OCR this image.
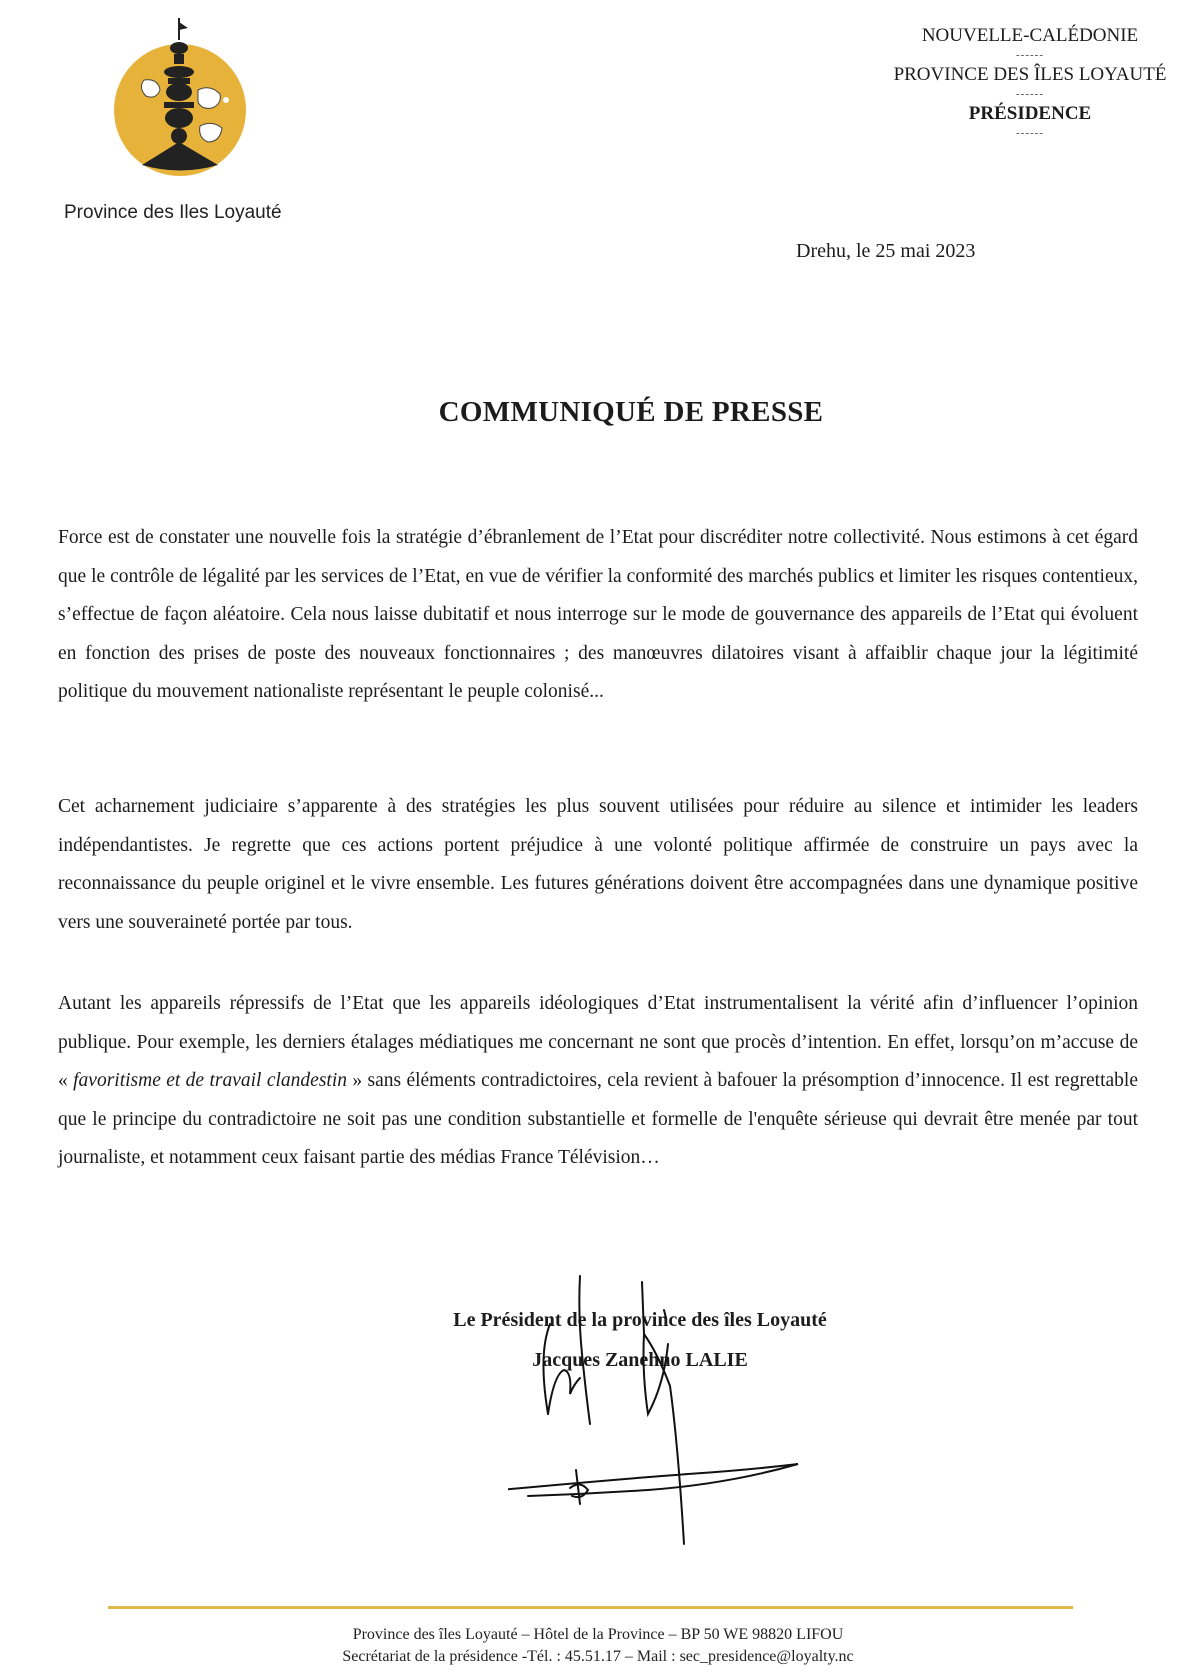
Province des Iles Loyauté
NOUVELLE-CALÉDONIE
------
PROVINCE DES ÎLES LOYAUTÉ
------
PRÉSIDENCE
------
Drehu, le 25 mai 2023
COMMUNIQUÉ DE PRESSE
Force est de constater une nouvelle fois la stratégie d’ébranlement de l’Etat pour discréditer notre collectivité. Nous estimons à cet égard que le contrôle de légalité par les services de l’Etat, en vue de vérifier la conformité des marchés publics et limiter les risques contentieux, s’effectue de façon aléatoire. Cela nous laisse dubitatif et nous interroge sur le mode de gouvernance des appareils de l’Etat qui évoluent en fonction des prises de poste des nouveaux fonctionnaires ; des manœuvres dilatoires visant à affaiblir chaque jour la légitimité politique du mouvement nationaliste représentant le peuple colonisé...
Cet acharnement judiciaire s’apparente à des stratégies les plus souvent utilisées pour réduire au silence et intimider les leaders indépendantistes. Je regrette que ces actions portent préjudice à une volonté politique affirmée de construire un pays avec la reconnaissance du peuple originel et le vivre ensemble. Les futures générations doivent être accompagnées dans une dynamique positive vers une souveraineté portée par tous.
Autant les appareils répressifs de l’Etat que les appareils idéologiques d’Etat instrumentalisent la vérité afin d’influencer l’opinion publique. Pour exemple, les derniers étalages médiatiques me concernant ne sont que procès d’intention. En effet, lorsqu’on m’accuse de « favoritisme et de travail clandestin » sans éléments contradictoires, cela revient à bafouer la présomption d’innocence. Il est regrettable que le principe du contradictoire ne soit pas une condition substantielle et formelle de l'enquête sérieuse qui devrait être menée par tout journaliste, et notamment ceux faisant partie des médias France Télévision…
Le Président de la province des îles Loyauté
Jacques Zanehno LALIE
Province des îles Loyauté – Hôtel de la Province – BP 50 WE 98820 LIFOU
Secrétariat de la présidence -Tél. : 45.51.17 – Mail : sec_presidence@loyalty.nc
